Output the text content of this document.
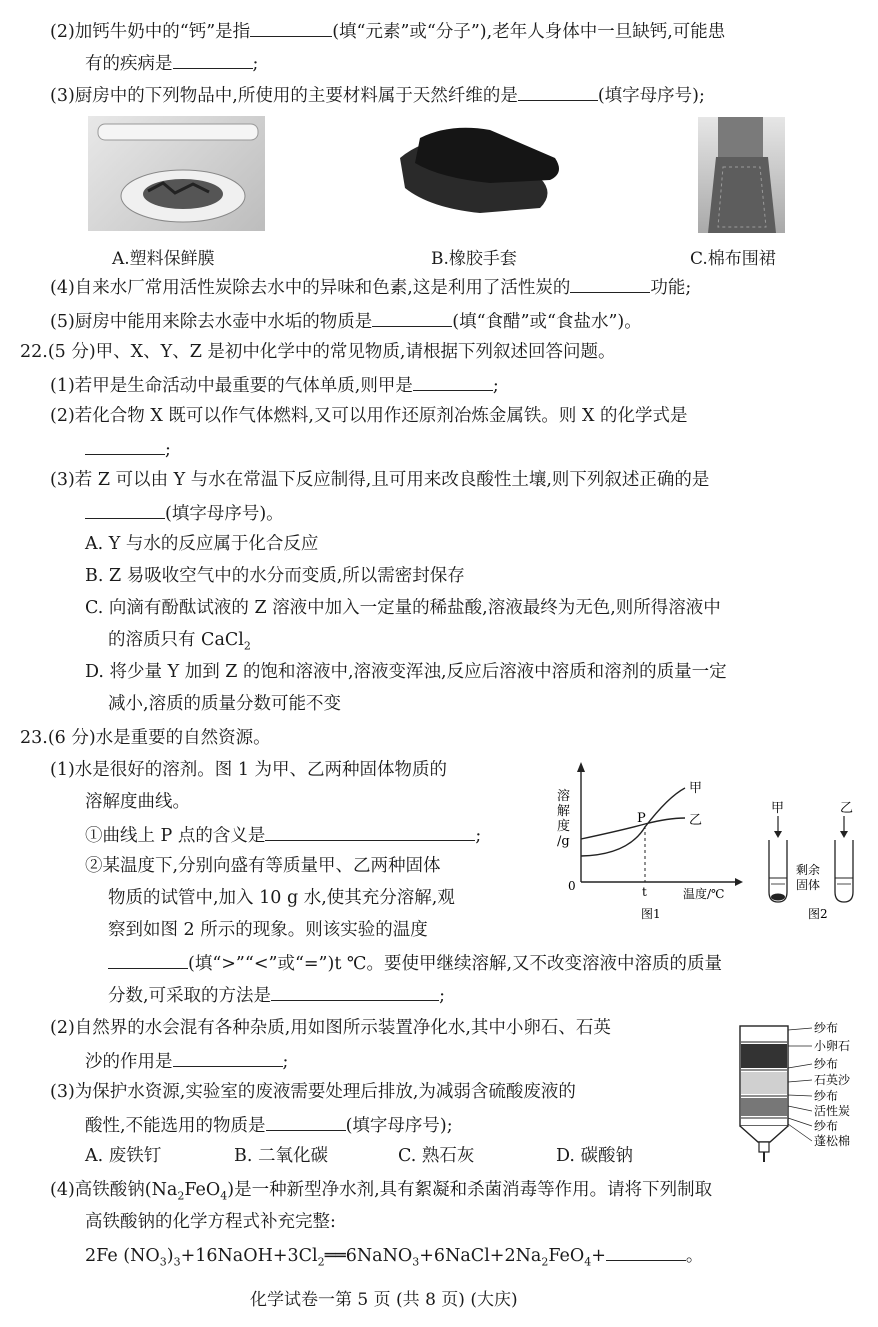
(2)加钙牛奶中的“钙”是指	(填“元素”或“分子”),老年人身体中一旦缺钙,可能患
有的疾病是	;
(3)厨房中的下列物品中,所使用的主要材料属于天然纤维的是	(填字母序号);
A.塑料保鲜膜	B.橡胶手套	C.棉布围裙
(4)自来水厂常用活性炭除去水中的异味和色素,这是利用了活性炭的	功能;
(5)厨房中能用来除去水壶中水垢的物质是	(填“食醋”或“食盐水”)。
22.(5 分)甲、X、Y、Z 是初中化学中的常见物质,请根据下列叙述回答问题。
(1)若甲是生命活动中最重要的气体单质,则甲是	;
(2)若化合物 X 既可以作气体燃料,又可以用作还原剂冶炼金属铁。则 X 的化学式是
;
(3)若 Z 可以由 Y 与水在常温下反应制得,且可用来改良酸性土壤,则下列叙述正确的是
(填字母序号)。
A. Y 与水的反应属于化合反应
B. Z 易吸收空气中的水分而变质,所以需密封保存
C. 向滴有酚酞试液的 Z 溶液中加入一定量的稀盐酸,溶液最终为无色,则所得溶液中
的溶质只有 CaCl$_2$
D. 将少量 Y 加到 Z 的饱和溶液中,溶液变浑浊,反应后溶液中溶质和溶剂的质量一定
减小,溶质的质量分数可能不变
23.(6 分)水是重要的自然资源。
(1)水是很好的溶剂。图 1 为甲、乙两种固体物质的
溶解度曲线。
①曲线上 P 点的含义是	;
②某温度下,分别向盛有等质量甲、乙两种固体
物质的试管中,加入 10 g 水,使其充分溶解,观
察到如图 2 所示的现象。则该实验的温度
(填“>”“<”或“=”)t ℃。要使甲继续溶解,又不改变溶液中溶质的质量
分数,可采取的方法是	;
溶
解
度
/g
甲
乙
P
0	t	温度/℃
图1
甲
剩余
固体
乙
图2
(2)自然界的水会混有各种杂质,用如图所示装置净化水,其中小卵石、石英
沙的作用是	;
纱布
小卵石
纱布
石英沙
纱布
活性炭
纱布
蓬松棉
(3)为保护水资源,实验室的废液需要处理后排放,为减弱含硫酸废液的
酸性,不能选用的物质是	(填字母序号);
A. 废铁钉	B. 二氧化碳	C. 熟石灰	D. 碳酸钠
(4)高铁酸钠$(Na_2FeO_4)$是一种新型净水剂,具有絮凝和杀菌消毒等作用。请将下列制取
高铁酸钠的化学方程式补充完整:
2Fe $(NO_3)_3+16NaOH+3Cl_2══6NaNO_3+6NaCl+2Na_2FeO_4+$	。
化学试卷一第 5 页 (共 8 页) (大庆)
